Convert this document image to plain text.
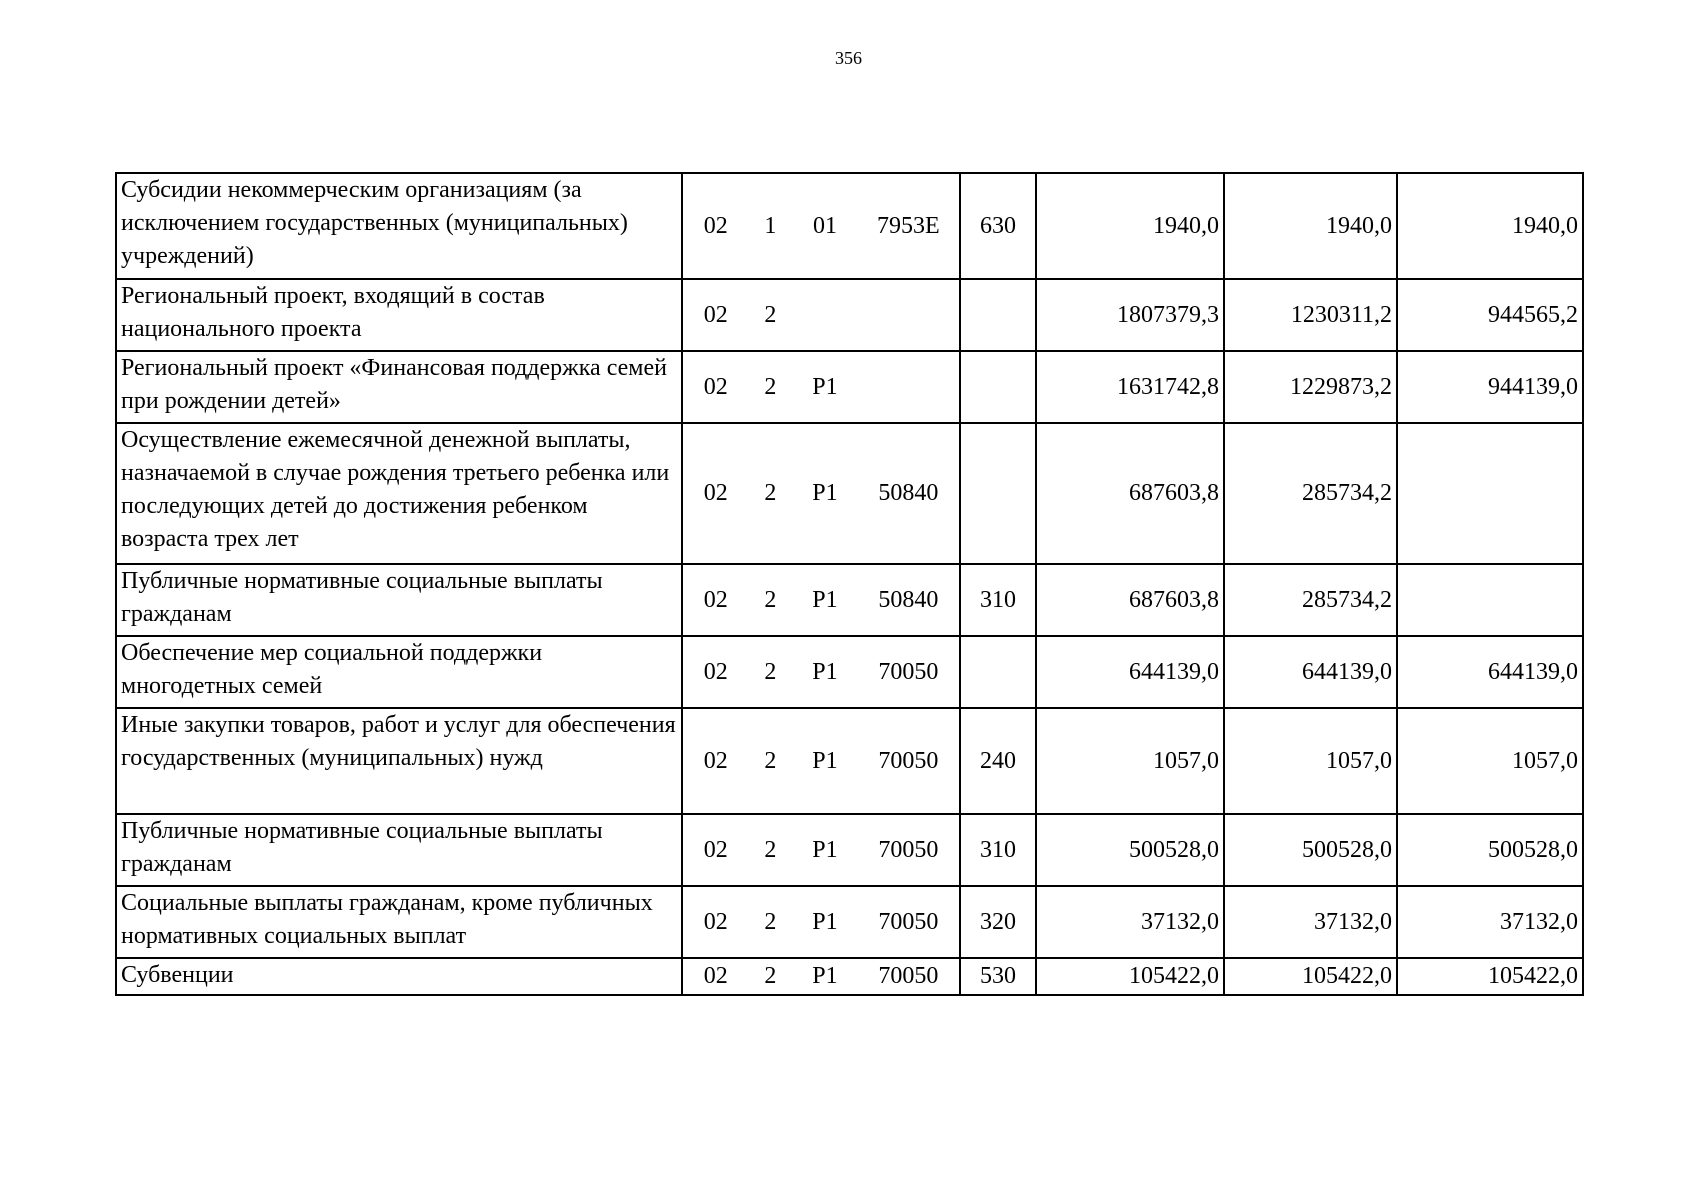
356
Субсидии некоммерческим организациям (за исключением государственных (муниципальных) учреждений)	02 1 01 7953E	630	1940,0	1940,0	1940,0
Региональный проект, входящий в состав национального проекта	02 2		1807379,3	1230311,2	944565,2
Региональный проект «Финансовая поддержка семей при рождении детей»	02 2 P1		1631742,8	1229873,2	944139,0
Осуществление ежемесячной денежной выплаты, назначаемой в случае рождения третьего ребенка или последующих детей до достижения ребенком возраста трех лет	02 2 P1 50840		687603,8	285734,2	
Публичные нормативные социальные выплаты гражданам	02 2 P1 50840	310	687603,8	285734,2	
Обеспечение мер социальной поддержки многодетных семей	02 2 P1 70050		644139,0	644139,0	644139,0
Иные закупки товаров, работ и услуг для обеспечения государственных (муниципальных) нужд	02 2 P1 70050	240	1057,0	1057,0	1057,0
Публичные нормативные социальные выплаты гражданам	02 2 P1 70050	310	500528,0	500528,0	500528,0
Социальные выплаты гражданам, кроме публичных нормативных социальных выплат	02 2 P1 70050	320	37132,0	37132,0	37132,0
Субвенции	02 2 P1 70050	530	105422,0	105422,0	105422,0
